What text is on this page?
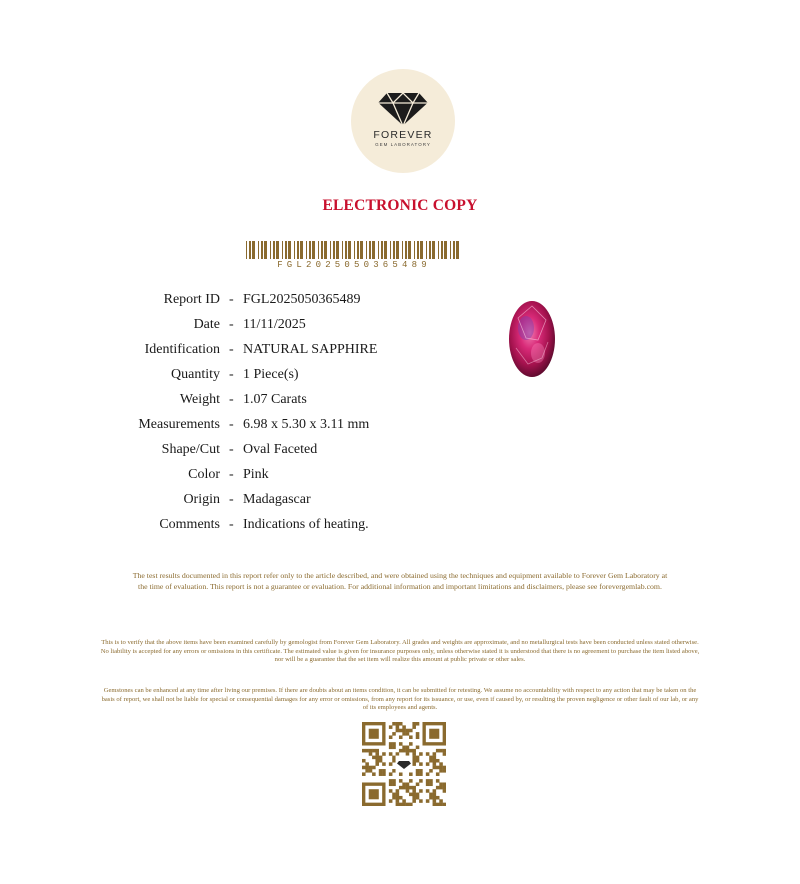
FOREVER
GEM LABORATORY
ELECTRONIC COPY
FGL2025050365489
Report ID - FGL2025050365489
Date - 11/11/2025
Identification - NATURAL SAPPHIRE
Quantity - 1 Piece(s)
Weight - 1.07 Carats
Measurements - 6.98 x 5.30 x 3.11 mm
Shape/Cut - Oval Faceted
Color - Pink
Origin - Madagascar
Comments - Indications of heating.
The test results documented in this report refer only to the article described, and were obtained using the techniques and equipment available to Forever Gem Laboratory at the time of evaluation. This report is not a guarantee or evaluation. For additional information and important limitations and disclaimers, please see forevergemlab.com.
This is to verify that the above items have been examined carefully by gemologist from Forever Gem Laboratory. All grades and weights are approximate, and no metallurgical tests have been conducted unless stated otherwise. No liability is accepted for any errors or omissions in this certificate. The estimated value is given for insurance purposes only, unless otherwise stated it is understood that there is no agreement to purchase the item listed above, nor will be a guarantee that the set item will realize this amount at public private or other sales.
Gemstones can be enhanced at any time after living our premises. If there are doubts about an items condition, it can be submitted for retesting. We assume no accountability with respect to any action that may be taken on the basis of report, we shall not be liable for special or consequential damages for any error or omissions, from any report for its issuance, or use, even if caused by, or resulting the proven negligence or other fault of our lab, or any of its employees and agents.
